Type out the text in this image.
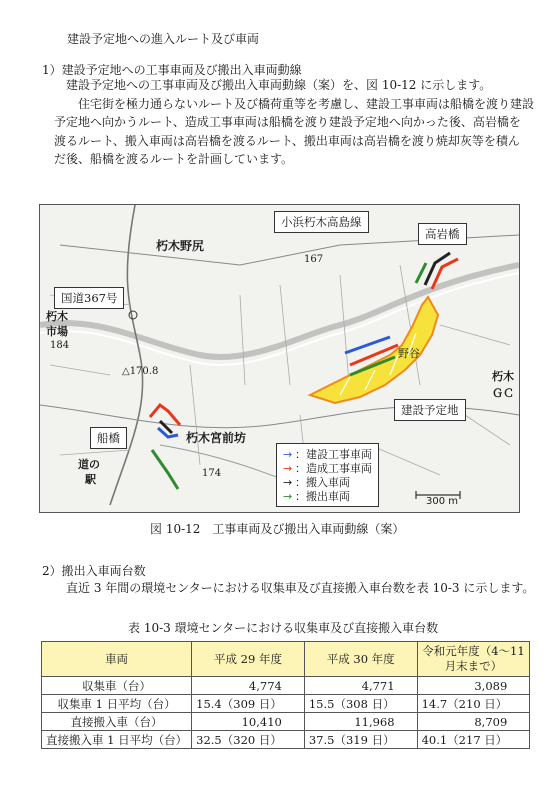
建設予定地への進入ルート及び車両
1）建設予定地への工事車両及び搬出入車両動線
建設予定地への工事車両及び搬出入車両動線（案）を、図 10-12 に示します。
住宅街を極力通らないルート及び橋荷重等を考慮し、建設工事車両は船橋を渡り建設
予定地へ向かうルート、造成工事車両は船橋を渡り建設予定地へ向かった後、高岩橋を
渡るルート、搬入車両は高岩橋を渡るルート、搬出車両は高岩橋を渡り焼却灰等を積ん
だ後、船橋を渡るルートを計画しています。
朽木野尻
朽木
市場
朽木
ＧＣ
朽木宮前坊
道の
駅
167
184
△170.8
174
野谷
300 m
小浜朽木高島線
高岩橋
国道367号
建設予定地
船橋
→ ： 建設工事車両
→ ： 造成工事車両
→ ： 搬入車両
→ ： 搬出車両
図 10-12　工事車両及び搬出入車両動線（案）
2）搬出入車両台数
直近 3 年間の環境センターにおける収集車及び直接搬入車台数を表 10-3 に示します。
表 10-3 環境センターにおける収集車及び直接搬入車台数
車両	平成 29 年度	平成 30 年度	令和元年度（4～11 月末まで）
収集車（台）	4,774	4,771	3,089
収集車 1 日平均（台）	15.4（309 日）	15.5（308 日）	14.7（210 日）
直接搬入車（台）	10,410	11,968	8,709
直接搬入車 1 日平均（台）	32.5（320 日）	37.5（319 日）	40.1（217 日）
